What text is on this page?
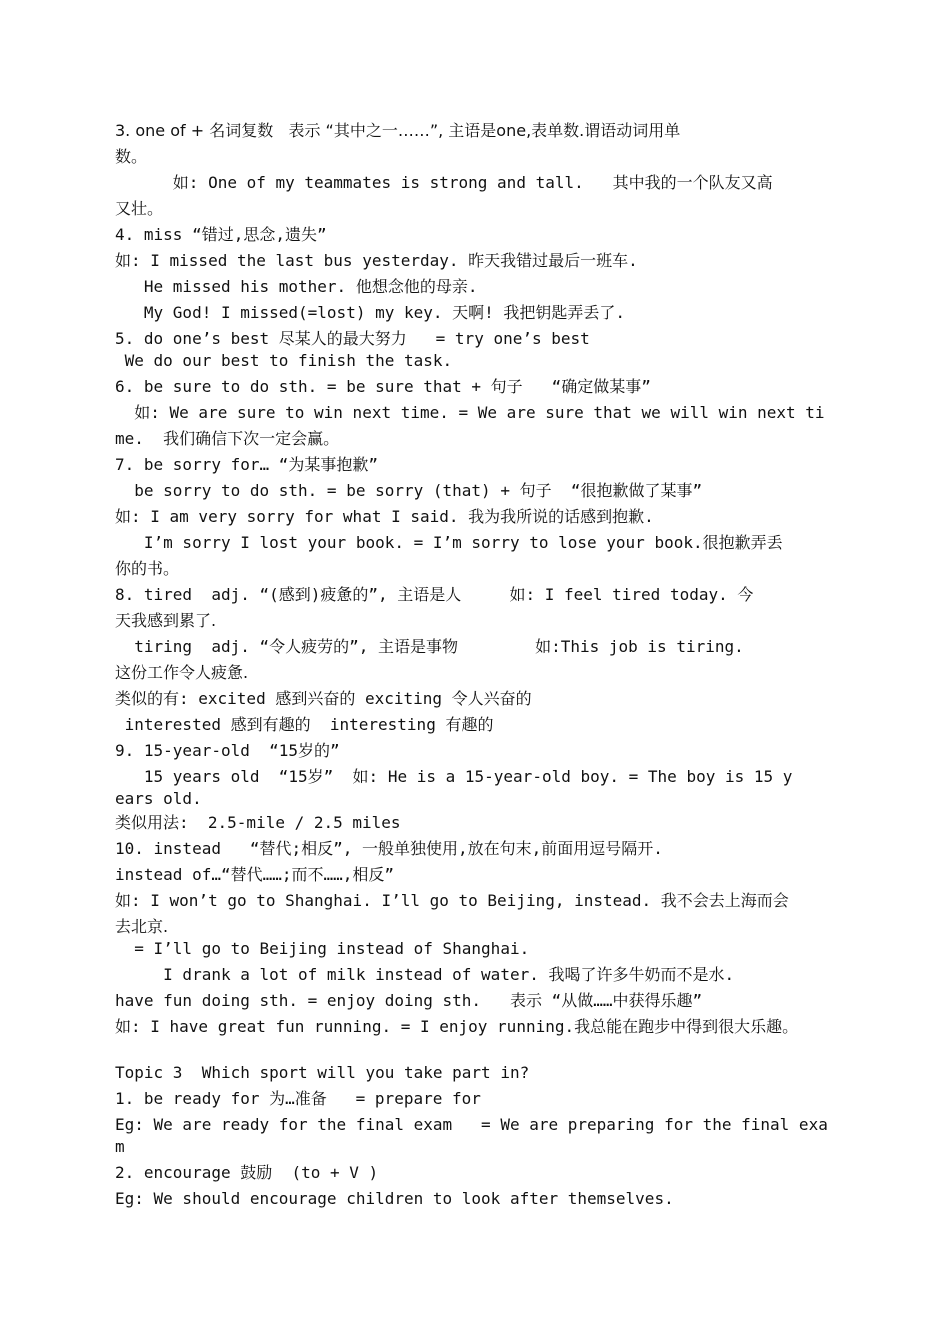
3. one of + 名词复数   表示 “其中之一……”, 主语是one,表单数.谓语动词用单
数。
如: One of my teammates is strong and tall.   其中我的一个队友又高
又壮。
4. miss “错过,思念,遗失”
如: I missed the last bus yesterday. 昨天我错过最后一班车.
He missed his mother. 他想念他的母亲.
My God! I missed(=lost) my key. 天啊! 我把钥匙弄丢了.
5. do one’s best 尽某人的最大努力   = try one’s best
We do our best to finish the task.
6. be sure to do sth. = be sure that + 句子   “确定做某事”
如: We are sure to win next time. = We are sure that we will win next ti
me.  我们确信下次一定会赢。
7. be sorry for… “为某事抱歉”
be sorry to do sth. = be sorry (that) + 句子  “很抱歉做了某事”
如: I am very sorry for what I said. 我为我所说的话感到抱歉.
I’m sorry I lost your book. = I’m sorry to lose your book.很抱歉弄丢
你的书。
8. tired  adj. “(感到)疲惫的”, 主语是人     如: I feel tired today. 今
天我感到累了.
tiring  adj. “令人疲劳的”, 主语是事物        如:This job is tiring.
这份工作令人疲惫.
类似的有: excited 感到兴奋的 exciting 令人兴奋的
interested 感到有趣的  interesting 有趣的
9. 15-year-old  “15岁的”
15 years old  “15岁”  如: He is a 15-year-old boy. = The boy is 15 y
ears old.
类似用法:  2.5-mile / 2.5 miles
10. instead   “替代;相反”, 一般单独使用,放在句末,前面用逗号隔开.
instead of…“替代……;而不……,相反”
如: I won’t go to Shanghai. I’ll go to Beijing, instead. 我不会去上海而会
去北京.
= I’ll go to Beijing instead of Shanghai.
I drank a lot of milk instead of water. 我喝了许多牛奶而不是水.
have fun doing sth. = enjoy doing sth.   表示 “从做……中获得乐趣”
如: I have great fun running. = I enjoy running.我总能在跑步中得到很大乐趣。
Topic 3  Which sport will you take part in?
1. be ready for 为…准备   = prepare for
Eg: We are ready for the final exam   = We are preparing for the final exa
m
2. encourage 鼓励  (to + V )
Eg: We should encourage children to look after themselves.
